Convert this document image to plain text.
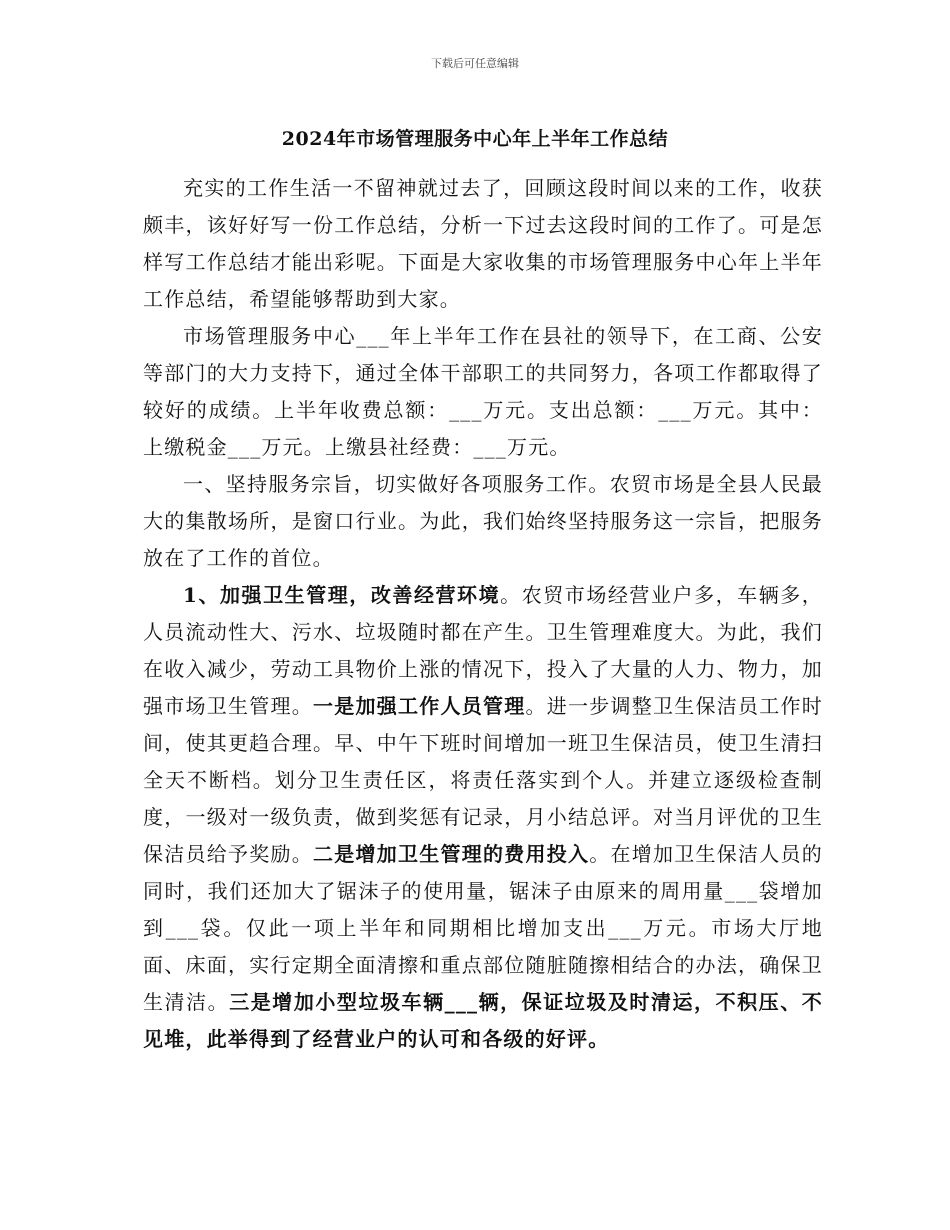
下载后可任意编辑
2024年市场管理服务中心年上半年工作总结

充实的工作生活一不留神就过去了，回顾这段时间以来的工作，收获颇丰，该好好写一份工作总结，分析一下过去这段时间的工作了。可是怎样写工作总结才能出彩呢。下面是大家收集的市场管理服务中心年上半年工作总结，希望能够帮助到大家。

市场管理服务中心___年上半年工作在县社的领导下，在工商、公安等部门的大力支持下，通过全体干部职工的共同努力，各项工作都取得了较好的成绩。上半年收费总额：___万元。支出总额：___万元。其中：上缴税金___万元。上缴县社经费：___万元。

一、坚持服务宗旨，切实做好各项服务工作。农贸市场是全县人民最大的集散场所，是窗口行业。为此，我们始终坚持服务这一宗旨，把服务放在了工作的首位。

1、加强卫生管理，改善经营环境。农贸市场经营业户多，车辆多，人员流动性大、污水、垃圾随时都在产生。卫生管理难度大。为此，我们在收入减少，劳动工具物价上涨的情况下，投入了大量的人力、物力，加强市场卫生管理。一是加强工作人员管理。进一步调整卫生保洁员工作时间，使其更趋合理。早、中午下班时间增加一班卫生保洁员，使卫生清扫全天不断档。划分卫生责任区，将责任落实到个人。并建立逐级检查制度，一级对一级负责，做到奖惩有记录，月小结总评。对当月评优的卫生保洁员给予奖励。二是增加卫生管理的费用投入。在增加卫生保洁人员的同时，我们还加大了锯沫子的使用量，锯沫子由原来的周用量___袋增加到___袋。仅此一项上半年和同期相比增加支出___万元。市场大厅地面、床面，实行定期全面清擦和重点部位随脏随擦相结合的办法，确保卫生清洁。三是增加小型垃圾车辆___辆，保证垃圾及时清运，不积压、不见堆，此举得到了经营业户的认可和各级的好评。
